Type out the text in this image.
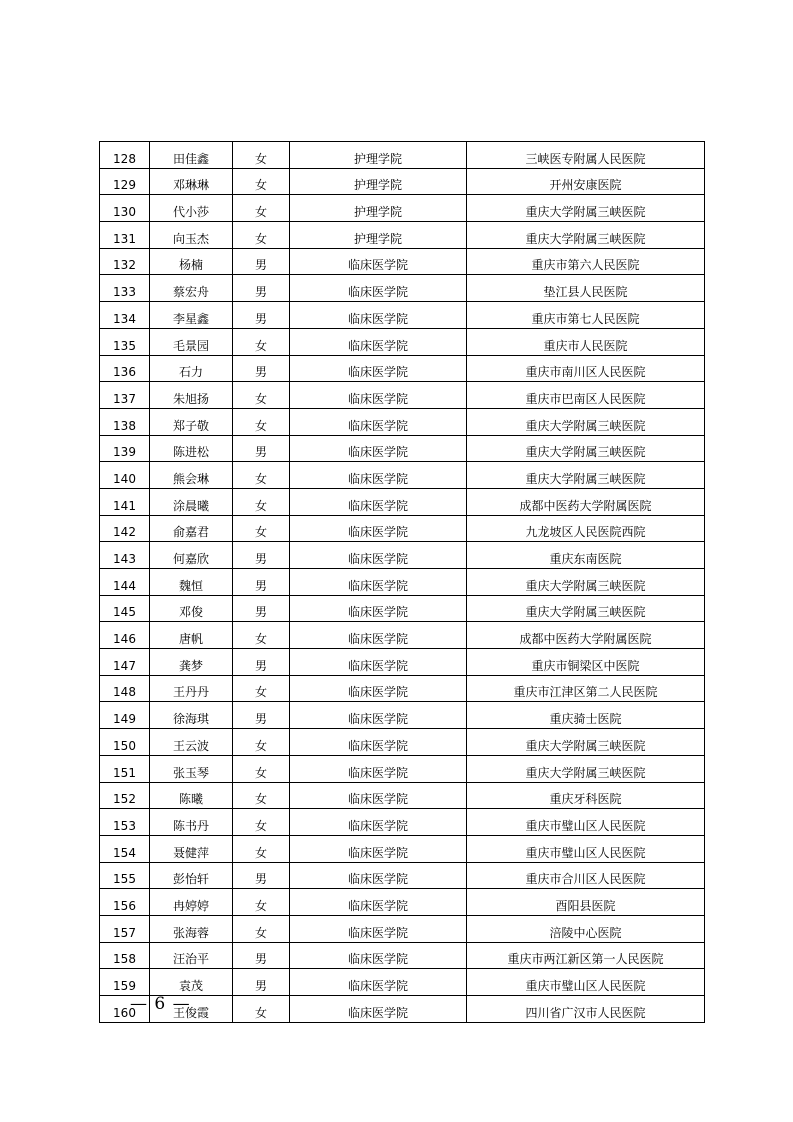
128	田佳鑫	女	护理学院	三峡医专附属人民医院
129	邓琳琳	女	护理学院	开州安康医院
130	代小莎	女	护理学院	重庆大学附属三峡医院
131	向玉杰	女	护理学院	重庆大学附属三峡医院
132	杨楠	男	临床医学院	重庆市第六人民医院
133	蔡宏舟	男	临床医学院	垫江县人民医院
134	李星鑫	男	临床医学院	重庆市第七人民医院
135	毛景园	女	临床医学院	重庆市人民医院
136	石力	男	临床医学院	重庆市南川区人民医院
137	朱旭扬	女	临床医学院	重庆市巴南区人民医院
138	郑子敬	女	临床医学院	重庆大学附属三峡医院
139	陈进松	男	临床医学院	重庆大学附属三峡医院
140	熊会琳	女	临床医学院	重庆大学附属三峡医院
141	涂晨曦	女	临床医学院	成都中医药大学附属医院
142	俞嘉君	女	临床医学院	九龙坡区人民医院西院
143	何嘉欣	男	临床医学院	重庆东南医院
144	魏恒	男	临床医学院	重庆大学附属三峡医院
145	邓俊	男	临床医学院	重庆大学附属三峡医院
146	唐帆	女	临床医学院	成都中医药大学附属医院
147	龚梦	男	临床医学院	重庆市铜梁区中医院
148	王丹丹	女	临床医学院	重庆市江津区第二人民医院
149	徐海琪	男	临床医学院	重庆骑士医院
150	王云波	女	临床医学院	重庆大学附属三峡医院
151	张玉琴	女	临床医学院	重庆大学附属三峡医院
152	陈曦	女	临床医学院	重庆牙科医院
153	陈书丹	女	临床医学院	重庆市璧山区人民医院
154	聂健萍	女	临床医学院	重庆市璧山区人民医院
155	彭怡轩	男	临床医学院	重庆市合川区人民医院
156	冉婷婷	女	临床医学院	酉阳县医院
157	张海蓉	女	临床医学院	涪陵中心医院
158	汪治平	男	临床医学院	重庆市两江新区第一人民医院
159	袁茂	男	临床医学院	重庆市璧山区人民医院
160	王俊霞	女	临床医学院	四川省广汉市人民医院
— 6 —
